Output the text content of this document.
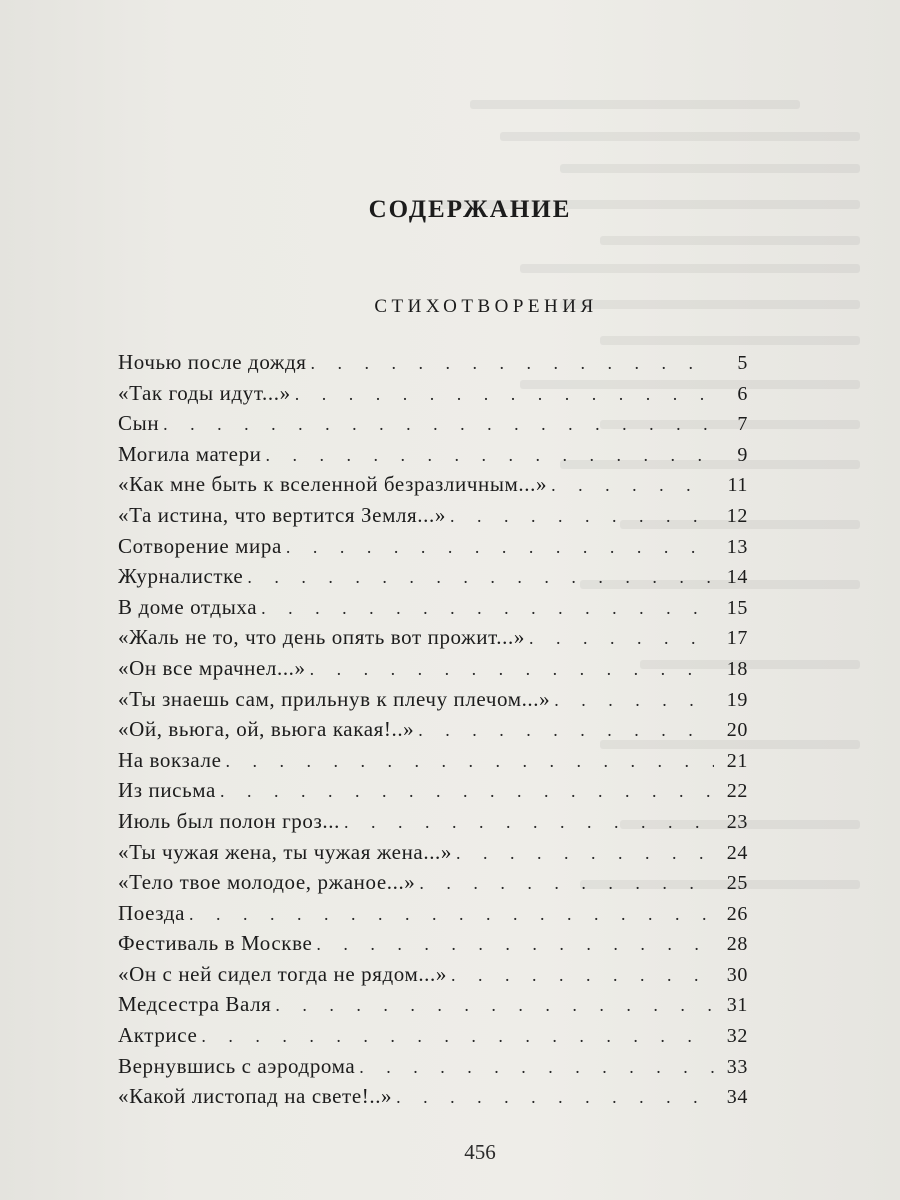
СОДЕРЖАНИЕ
СТИХОТВОРЕНИЯ
Ночью после дождя . . .	5
«Так годы идут...» . . .	6
Сын . . .	7
Могила матери . . .	9
«Как мне быть к вселенной безразличным...» . . .	11
«Та истина, что вертится Земля...» . . .	12
Сотворение мира . . .	13
Журналистке . . .	14
В доме отдыха . . .	15
«Жаль не то, что день опять вот прожит...» . . .	17
«Он все мрачнел...» . . .	18
«Ты знаешь сам, прильнув к плечу плечом...» . . .	19
«Ой, вьюга, ой, вьюга какая!..» . . .	20
На вокзале . . .	21
Из письма . . .	22
Июль был полон гроз... . . .	23
«Ты чужая жена, ты чужая жена...» . . .	24
«Тело твое молодое, ржаное...» . . .	25
Поезда . . .	26
Фестиваль в Москве . . .	28
«Он с ней сидел тогда не рядом...» . . .	30
Медсестра Валя . . .	31
Актрисе . . .	32
Вернувшись с аэродрома . . .	33
«Какой листопад на свете!..» . . .	34
456
